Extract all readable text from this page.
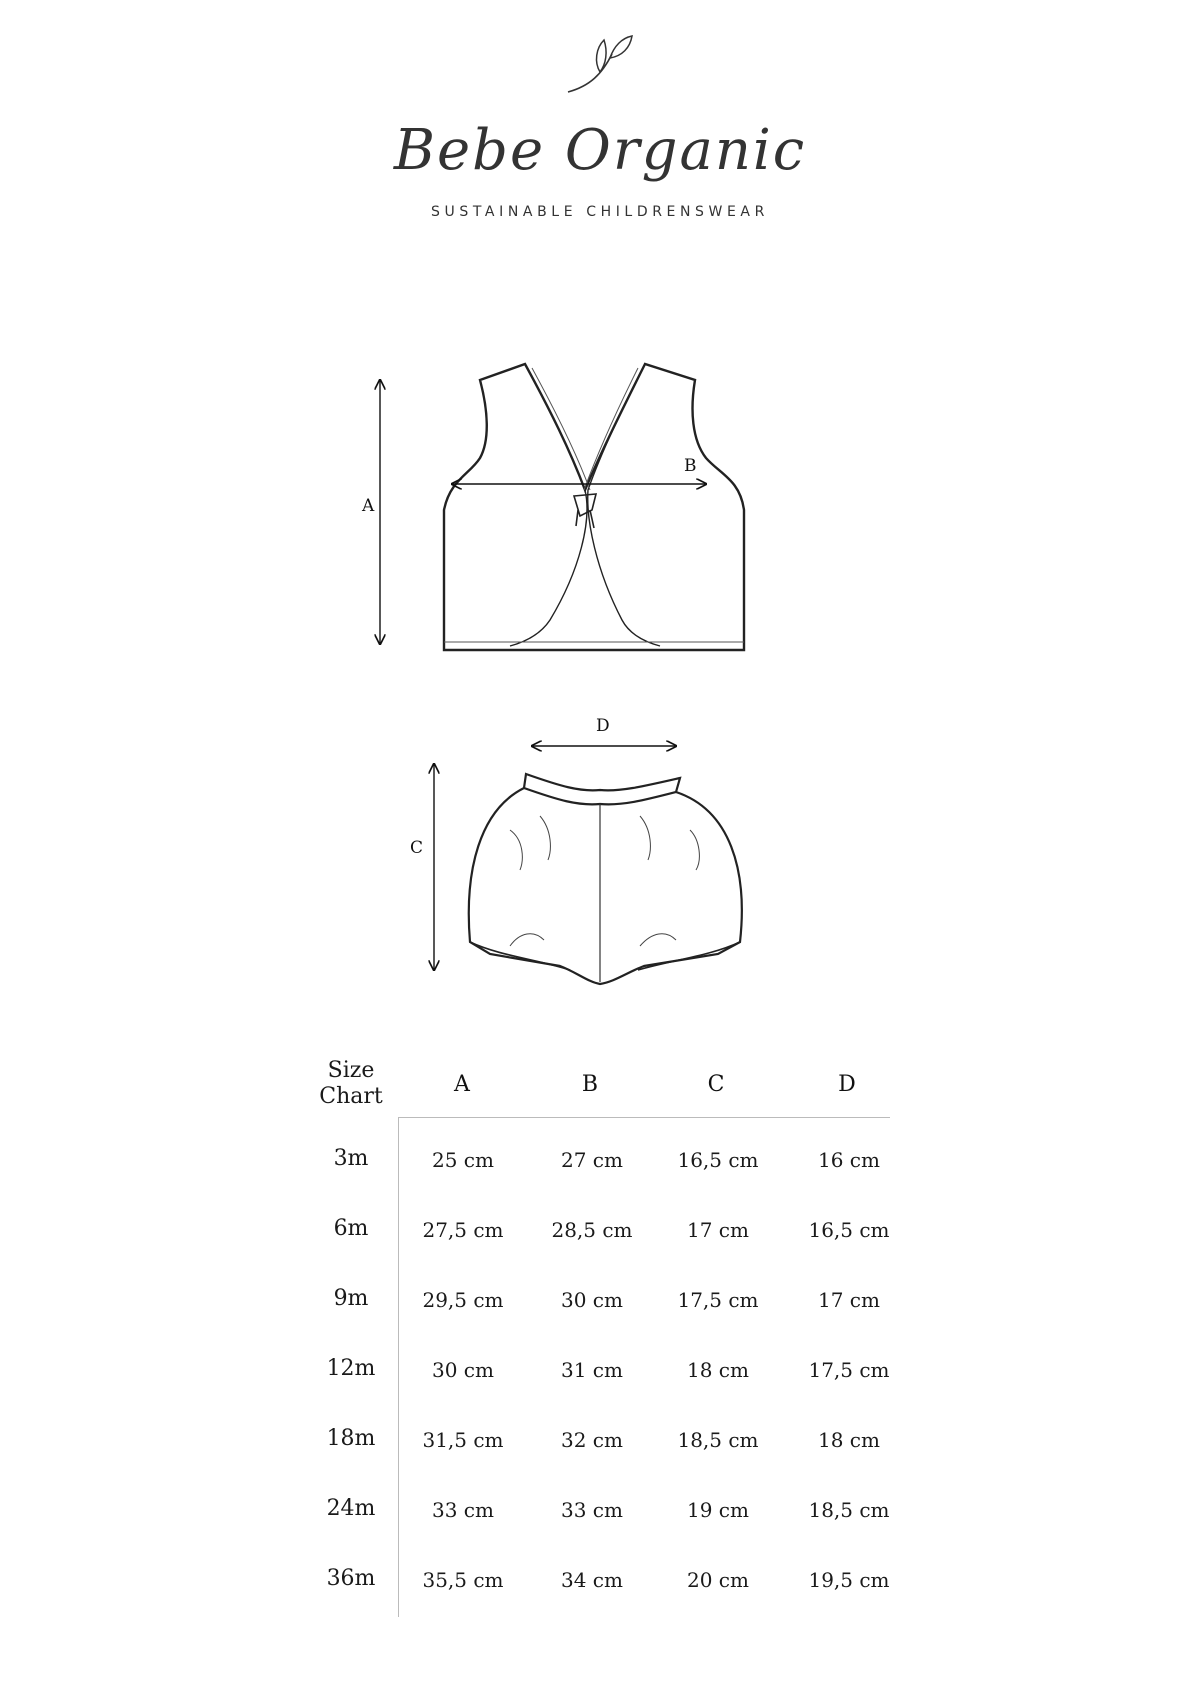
Bebe Organic
SUSTAINABLE CHILDRENSWEAR
A
B
D
C
Size
Chart	A	B	C	D
3m	25 cm	27 cm	16,5 cm	16 cm
6m	27,5 cm	28,5 cm	17 cm	16,5 cm
9m	29,5 cm	30 cm	17,5 cm	17 cm
12m	30 cm	31 cm	18 cm	17,5 cm
18m	31,5 cm	32 cm	18,5 cm	18 cm
24m	33 cm	33 cm	19 cm	18,5 cm
36m	35,5 cm	34 cm	20 cm	19,5 cm
